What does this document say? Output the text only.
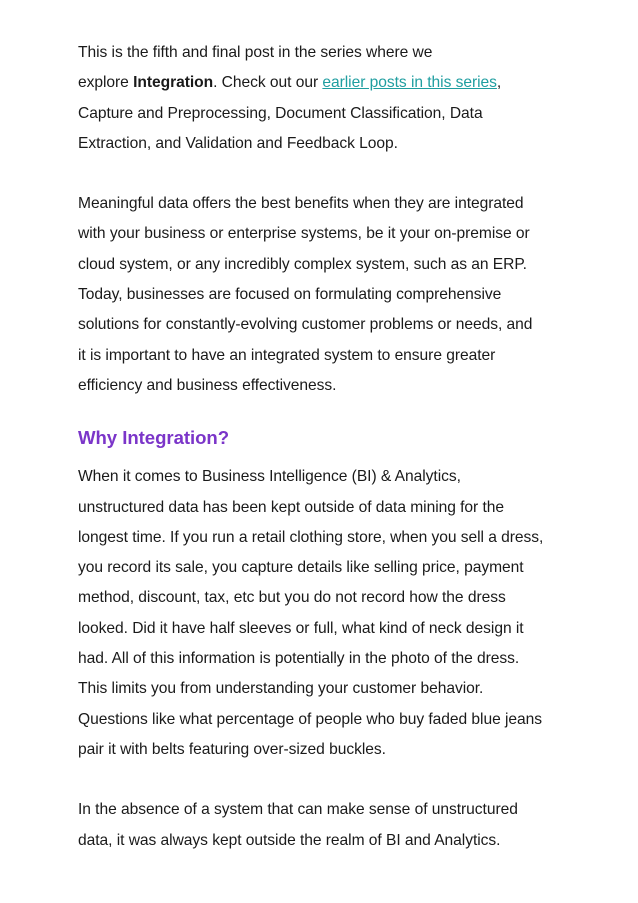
This is the fifth and final post in the series where we
explore Integration. Check out our earlier posts in this series,
Capture and Preprocessing, Document Classification, Data
Extraction, and Validation and Feedback Loop.

Meaningful data offers the best benefits when they are integrated
with your business or enterprise systems, be it your on-premise or
cloud system, or any incredibly complex system, such as an ERP.
Today, businesses are focused on formulating comprehensive
solutions for constantly-evolving customer problems or needs, and
it is important to have an integrated system to ensure greater
efficiency and business effectiveness.

Why Integration?

When it comes to Business Intelligence (BI) & Analytics,
unstructured data has been kept outside of data mining for the
longest time. If you run a retail clothing store, when you sell a dress,
you record its sale, you capture details like selling price, payment
method, discount, tax, etc but you do not record how the dress
looked. Did it have half sleeves or full, what kind of neck design it
had. All of this information is potentially in the photo of the dress.
This limits you from understanding your customer behavior.
Questions like what percentage of people who buy faded blue jeans
pair it with belts featuring over-sized buckles.

In the absence of a system that can make sense of unstructured
data, it was always kept outside the realm of BI and Analytics.
